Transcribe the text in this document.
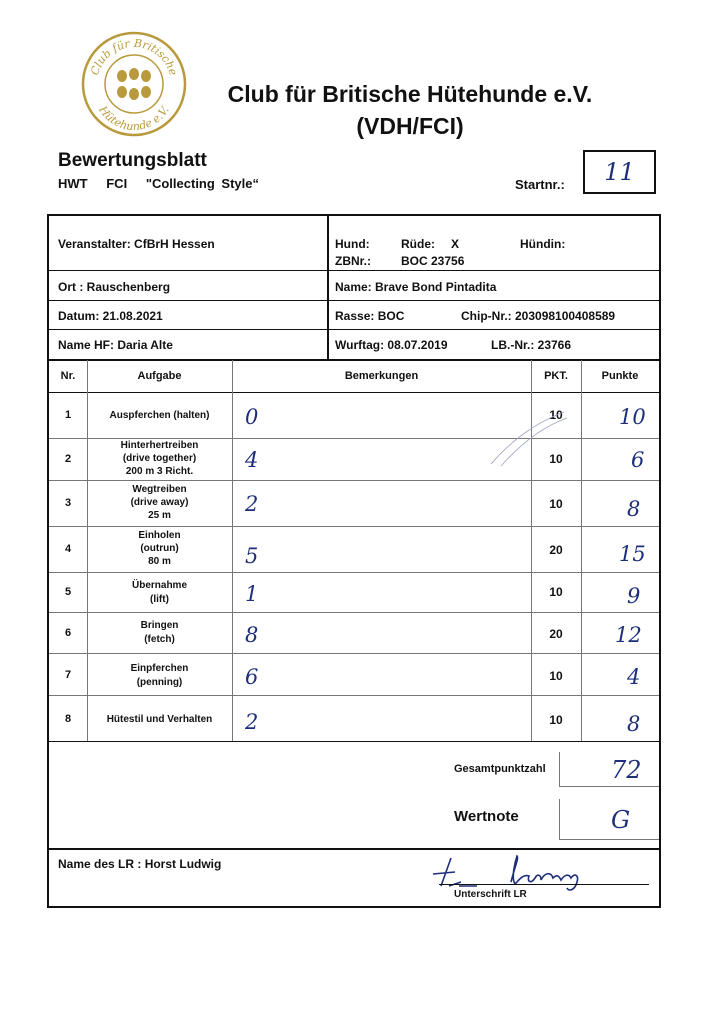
Club für Britische
Hütehunde e.V.
Club für Britische Hütehunde e.V.
(VDH/FCI)
Bewertungsblatt
HWT FCI "Collecting Style“	Startnr.:	11
Veranstalter: CfBrH Hessen
Ort : Rauschenberg
Datum: 21.08.2021
Name HF: Daria Alte
Hund:	Rüde: X	Hündin:
ZBNr.:	BOC 23756
Name: Brave Bond Pintadita
Rasse: BOC	Chip-Nr.: 203098100408589
Wurftag: 08.07.2019	LB.-Nr.: 23766
Nr.	Aufgabe	Bemerkungen	PKT.	Punkte
1	Auspferchen (halten)	0	10	10
2
Hinterhertreiben
(drive together)
200 m 3 Richt.	4	10	6
3
Wegtreiben
(drive away)
25 m	2	10	8
4
Einholen
(outrun)
80 m	5	20	15
5
Übernahme
(lift)	1	10	9
6
Bringen
(fetch)	8	20	12
7
Einpferchen
(penning)	6	10	4
8	Hütestil und Verhalten	2	10	8
Gesamtpunktzahl	72
Wertnote	G
Name des LR : Horst Ludwig
Unterschrift LR
